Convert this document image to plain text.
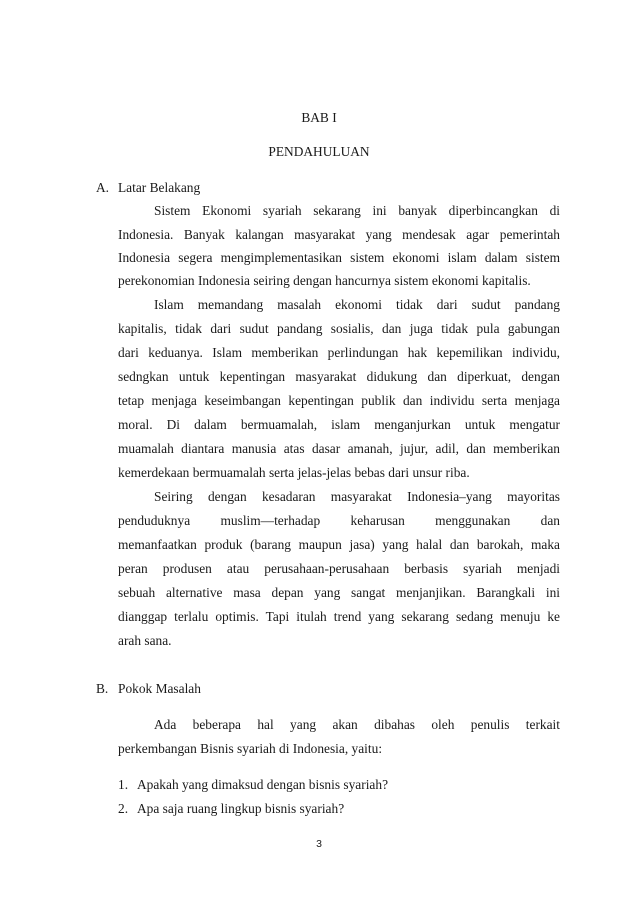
BAB I
PENDAHULUAN
A. Latar Belakang
Sistem Ekonomi syariah sekarang ini banyak diperbincangkan di
Indonesia. Banyak kalangan masyarakat yang mendesak agar pemerintah
Indonesia segera mengimplementasikan sistem ekonomi islam dalam sistem
perekonomian Indonesia seiring dengan hancurnya sistem ekonomi kapitalis.
Islam memandang masalah ekonomi tidak dari sudut pandang
kapitalis, tidak dari sudut pandang sosialis, dan juga tidak pula gabungan
dari keduanya. Islam memberikan perlindungan hak kepemilikan individu,
sedngkan untuk kepentingan masyarakat didukung dan diperkuat, dengan
tetap menjaga keseimbangan kepentingan publik dan individu serta menjaga
moral. Di dalam bermuamalah, islam menganjurkan untuk mengatur
muamalah diantara manusia atas dasar amanah, jujur, adil, dan memberikan
kemerdekaan bermuamalah serta jelas-jelas bebas dari unsur riba.
Seiring dengan kesadaran masyarakat Indonesia–yang mayoritas
penduduknya muslim—terhadap keharusan menggunakan dan
memanfaatkan produk (barang maupun jasa) yang halal dan barokah, maka
peran produsen atau perusahaan-perusahaan berbasis syariah menjadi
sebuah alternative masa depan yang sangat menjanjikan. Barangkali ini
dianggap terlalu optimis. Tapi itulah trend yang sekarang sedang menuju ke
arah sana.
B. Pokok Masalah
Ada beberapa hal yang akan dibahas oleh penulis terkait
perkembangan Bisnis syariah di Indonesia, yaitu:
1. Apakah yang dimaksud dengan bisnis syariah?
2. Apa saja ruang lingkup bisnis syariah?
3
